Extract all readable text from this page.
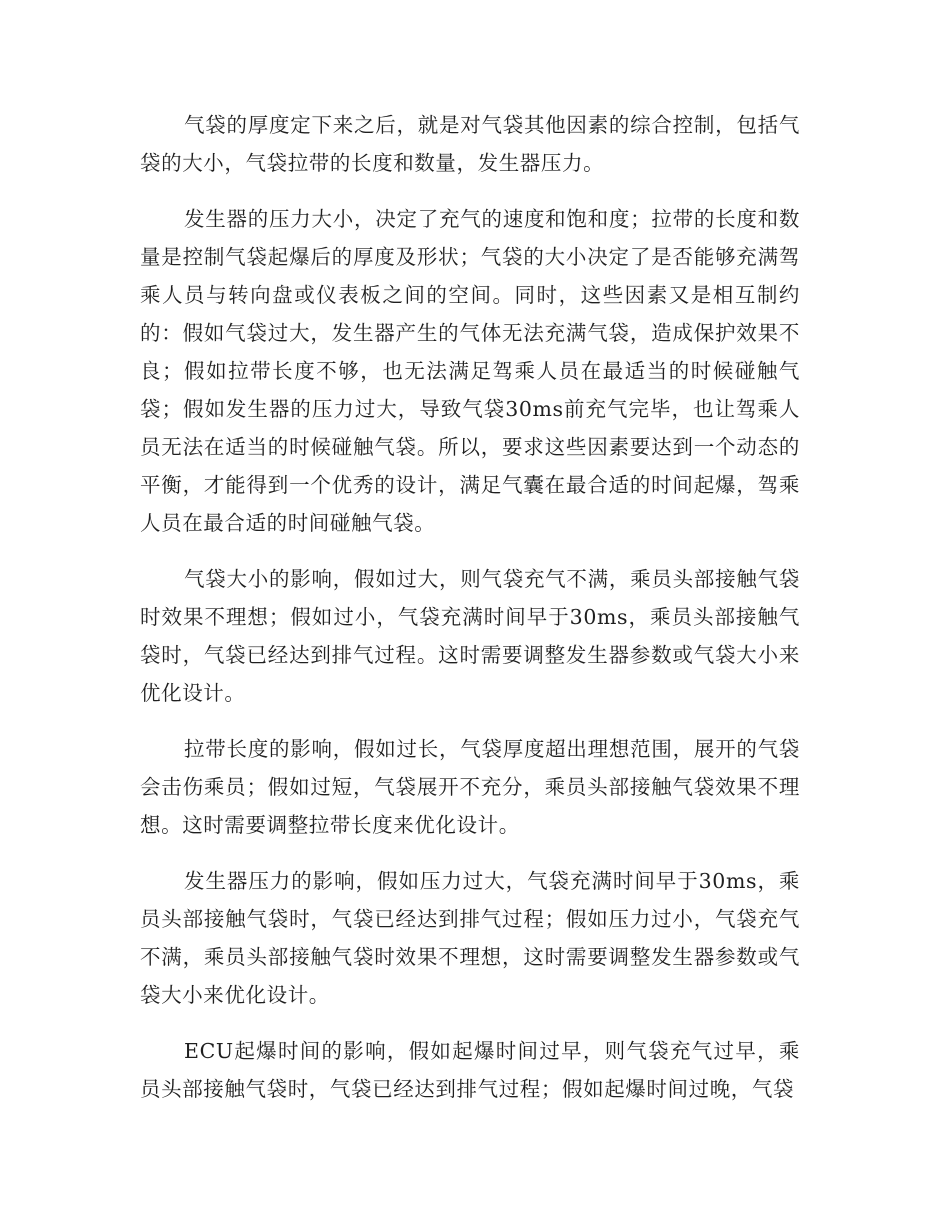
气袋的厚度定下来之后，就是对气袋其他因素的综合控制，包括气袋的大小，气袋拉带的长度和数量，发生器压力。

发生器的压力大小，决定了充气的速度和饱和度；拉带的长度和数量是控制气袋起爆后的厚度及形状；气袋的大小决定了是否能够充满驾乘人员与转向盘或仪表板之间的空间。同时，这些因素又是相互制约的：假如气袋过大，发生器产生的气体无法充满气袋，造成保护效果不良；假如拉带长度不够，也无法满足驾乘人员在最适当的时候碰触气袋；假如发生器的压力过大，导致气袋30ms前充气完毕，也让驾乘人员无法在适当的时候碰触气袋。所以，要求这些因素要达到一个动态的平衡，才能得到一个优秀的设计，满足气囊在最合适的时间起爆，驾乘人员在最合适的时间碰触气袋。

气袋大小的影响，假如过大，则气袋充气不满，乘员头部接触气袋时效果不理想；假如过小，气袋充满时间早于30ms，乘员头部接触气袋时，气袋已经达到排气过程。这时需要调整发生器参数或气袋大小来优化设计。

拉带长度的影响，假如过长，气袋厚度超出理想范围，展开的气袋会击伤乘员；假如过短，气袋展开不充分，乘员头部接触气袋效果不理想。这时需要调整拉带长度来优化设计。

发生器压力的影响，假如压力过大，气袋充满时间早于30ms，乘员头部接触气袋时，气袋已经达到排气过程；假如压力过小，气袋充气不满，乘员头部接触气袋时效果不理想，这时需要调整发生器参数或气袋大小来优化设计。

ECU起爆时间的影响，假如起爆时间过早，则气袋充气过早，乘员头部接触气袋时，气袋已经达到排气过程；假如起爆时间过晚，气袋
